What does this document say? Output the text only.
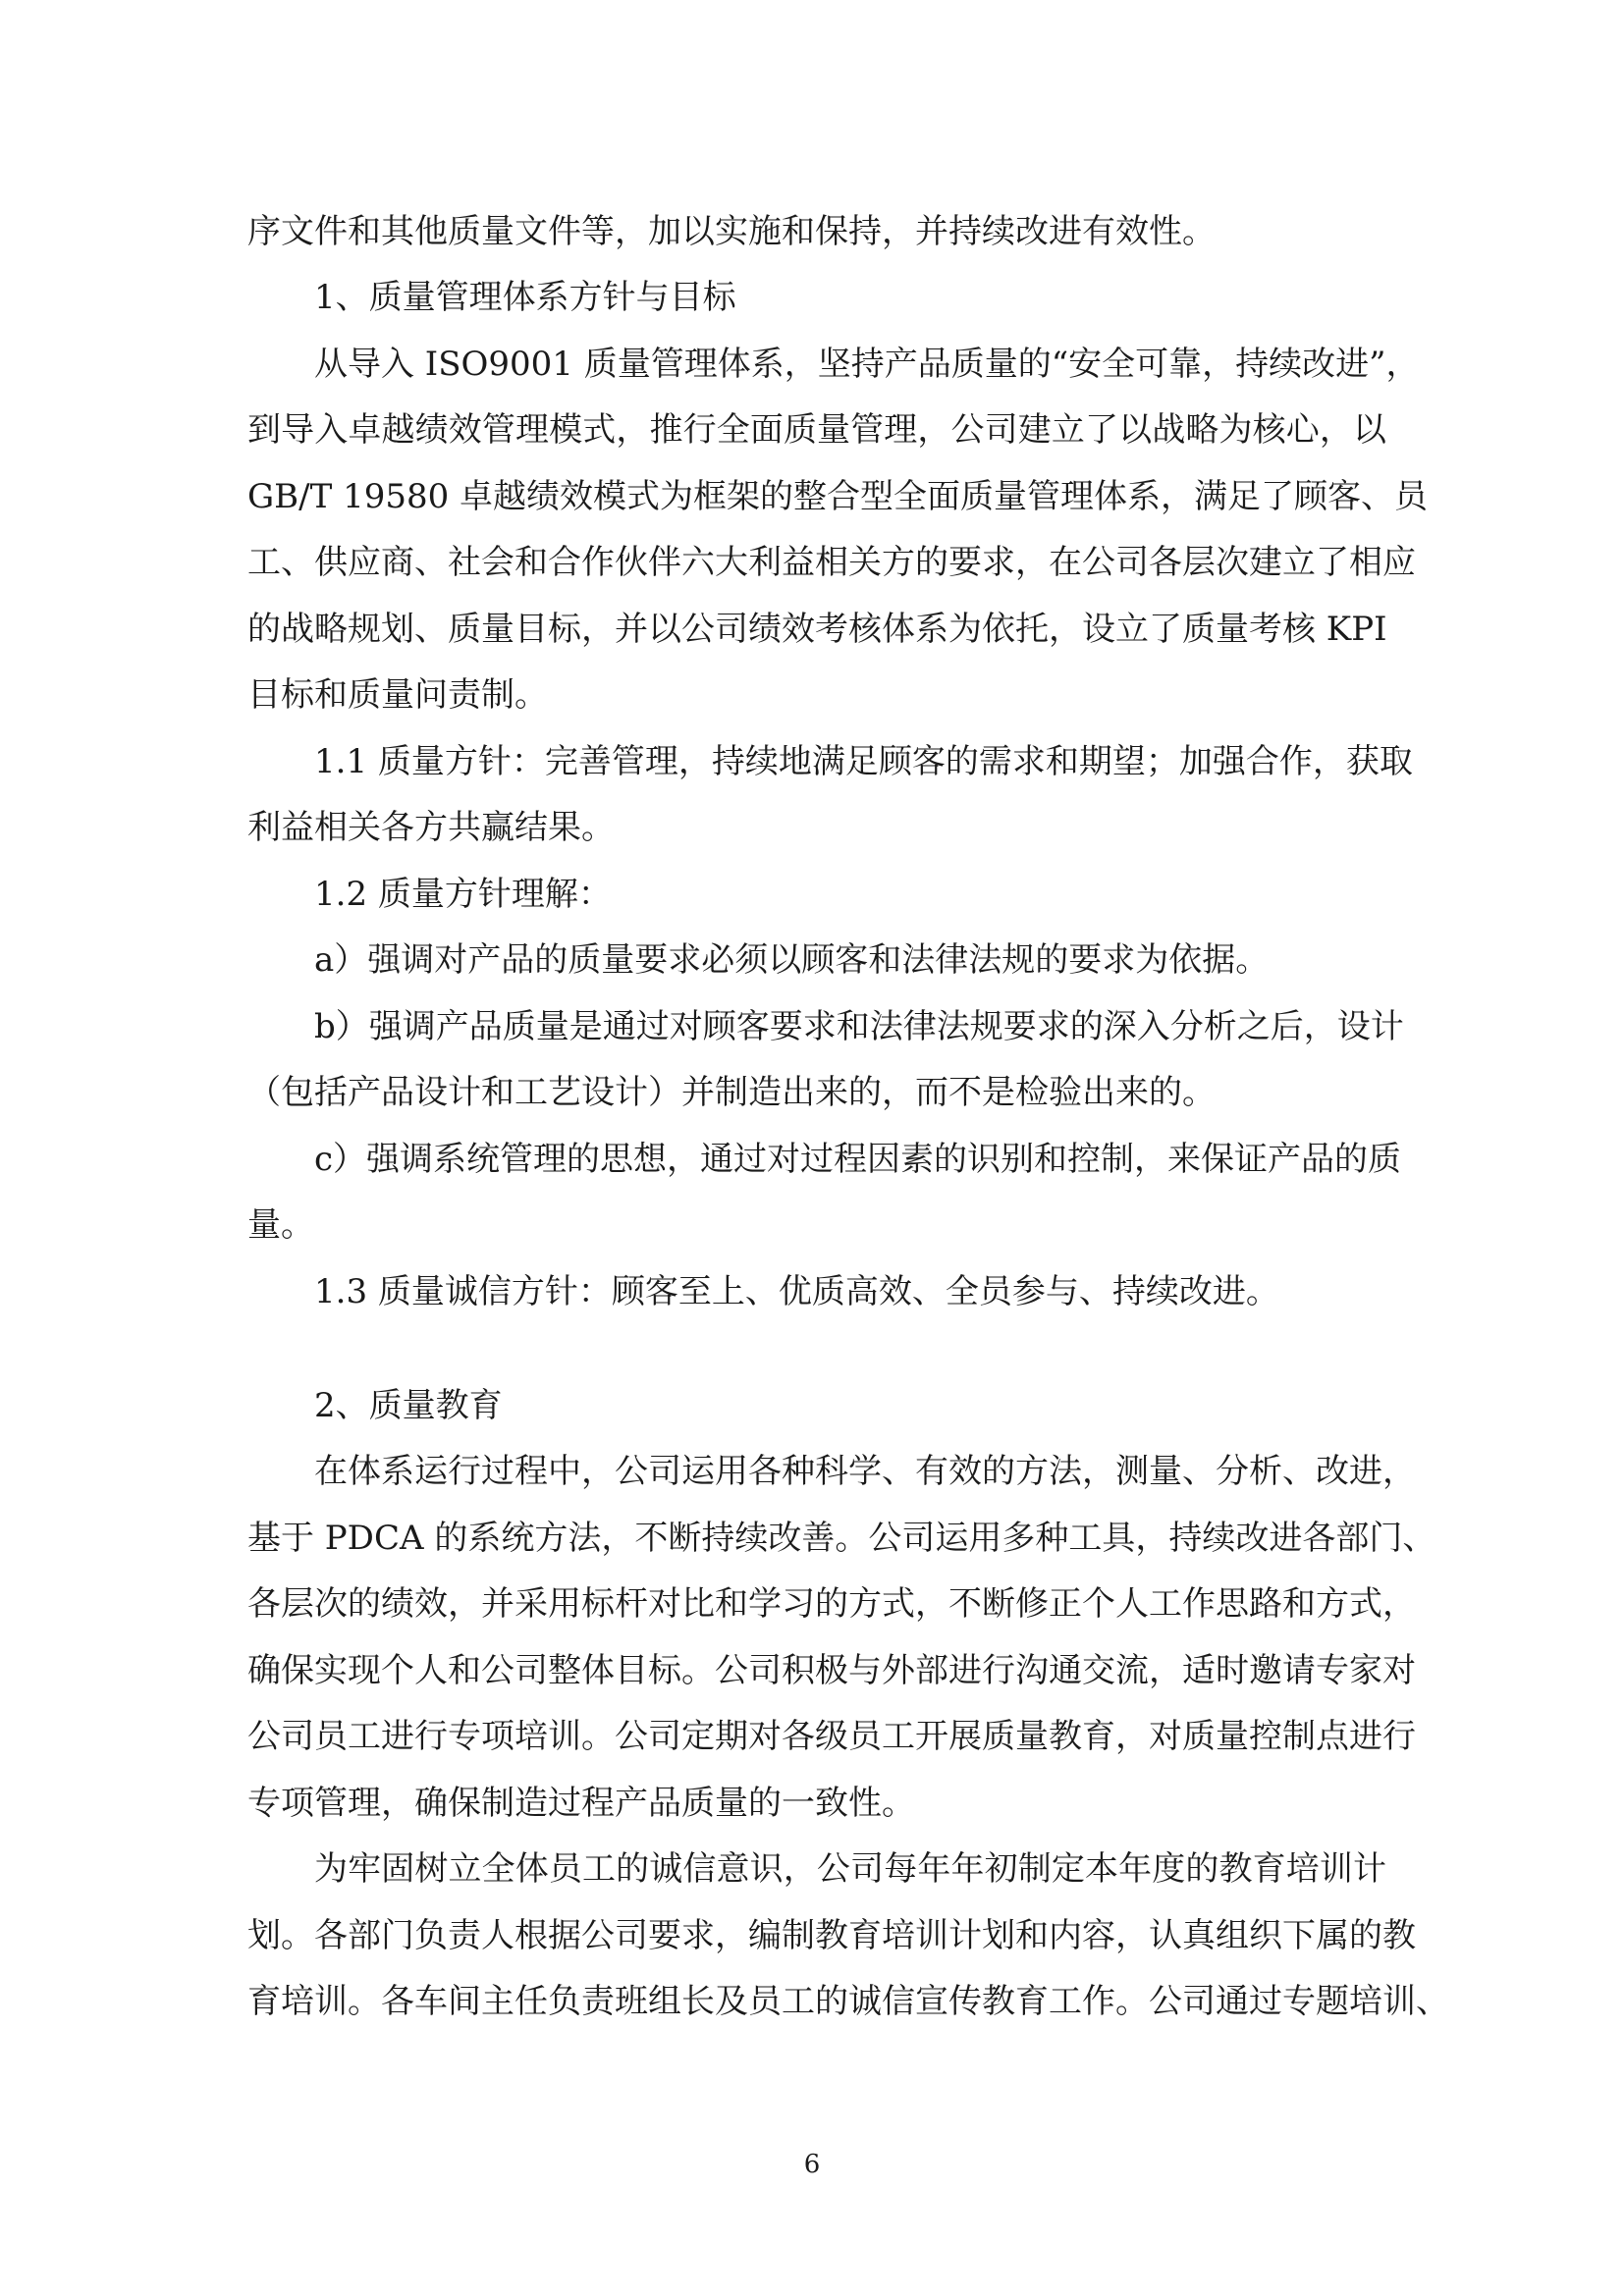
序文件和其他质量文件等，加以实施和保持，并持续改进有效性。
1、质量管理体系方针与目标
从导入 ISO9001 质量管理体系，坚持产品质量的“安全可靠，持续改进”，
到导入卓越绩效管理模式，推行全面质量管理，公司建立了以战略为核心，以
GB/T 19580 卓越绩效模式为框架的整合型全面质量管理体系，满足了顾客、员
工、供应商、社会和合作伙伴六大利益相关方的要求，在公司各层次建立了相应
的战略规划、质量目标，并以公司绩效考核体系为依托，设立了质量考核 KPI
目标和质量问责制。
1.1 质量方针：完善管理，持续地满足顾客的需求和期望；加强合作，获取
利益相关各方共赢结果。
1.2 质量方针理解：
a）强调对产品的质量要求必须以顾客和法律法规的要求为依据。
b）强调产品质量是通过对顾客要求和法律法规要求的深入分析之后，设计
（包括产品设计和工艺设计）并制造出来的，而不是检验出来的。
c）强调系统管理的思想，通过对过程因素的识别和控制，来保证产品的质
量。
1.3 质量诚信方针：顾客至上、优质高效、全员参与、持续改进。
2、质量教育
在体系运行过程中，公司运用各种科学、有效的方法，测量、分析、改进，
基于 PDCA 的系统方法，不断持续改善。公司运用多种工具，持续改进各部门、
各层次的绩效，并采用标杆对比和学习的方式，不断修正个人工作思路和方式，
确保实现个人和公司整体目标。公司积极与外部进行沟通交流，适时邀请专家对
公司员工进行专项培训。公司定期对各级员工开展质量教育，对质量控制点进行
专项管理，确保制造过程产品质量的一致性。
为牢固树立全体员工的诚信意识，公司每年年初制定本年度的教育培训计
划。各部门负责人根据公司要求，编制教育培训计划和内容，认真组织下属的教
育培训。各车间主任负责班组长及员工的诚信宣传教育工作。公司通过专题培训、
6
